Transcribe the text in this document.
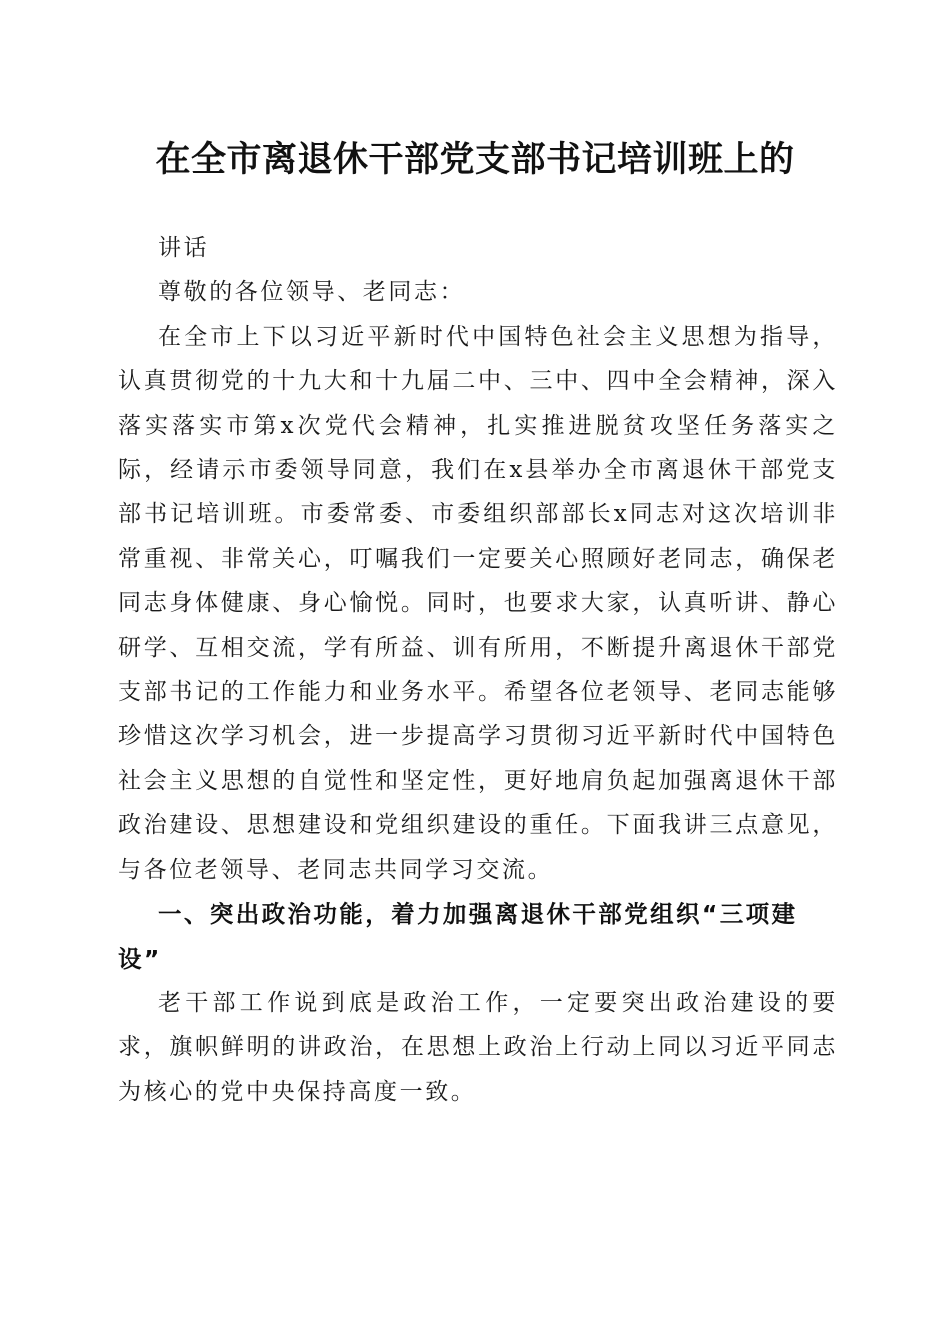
在全市离退休干部党支部书记培训班上的

讲话

尊敬的各位领导、老同志：

在全市上下以习近平新时代中国特色社会主义思想为指导，认真贯彻党的十九大和十九届二中、三中、四中全会精神，深入落实落实市第x次党代会精神，扎实推进脱贫攻坚任务落实之际，经请示市委领导同意，我们在x县举办全市离退休干部党支部书记培训班。市委常委、市委组织部部长x同志对这次培训非常重视、非常关心，叮嘱我们一定要关心照顾好老同志，确保老同志身体健康、身心愉悦。同时，也要求大家，认真听讲、静心研学、互相交流，学有所益、训有所用，不断提升离退休干部党支部书记的工作能力和业务水平。希望各位老领导、老同志能够珍惜这次学习机会，进一步提高学习贯彻习近平新时代中国特色社会主义思想的自觉性和坚定性，更好地肩负起加强离退休干部政治建设、思想建设和党组织建设的重任。下面我讲三点意见，与各位老领导、老同志共同学习交流。

一、突出政治功能，着力加强离退休干部党组织“三项建设”

老干部工作说到底是政治工作，一定要突出政治建设的要求，旗帜鲜明的讲政治，在思想上政治上行动上同以习近平同志为核心的党中央保持高度一致。
